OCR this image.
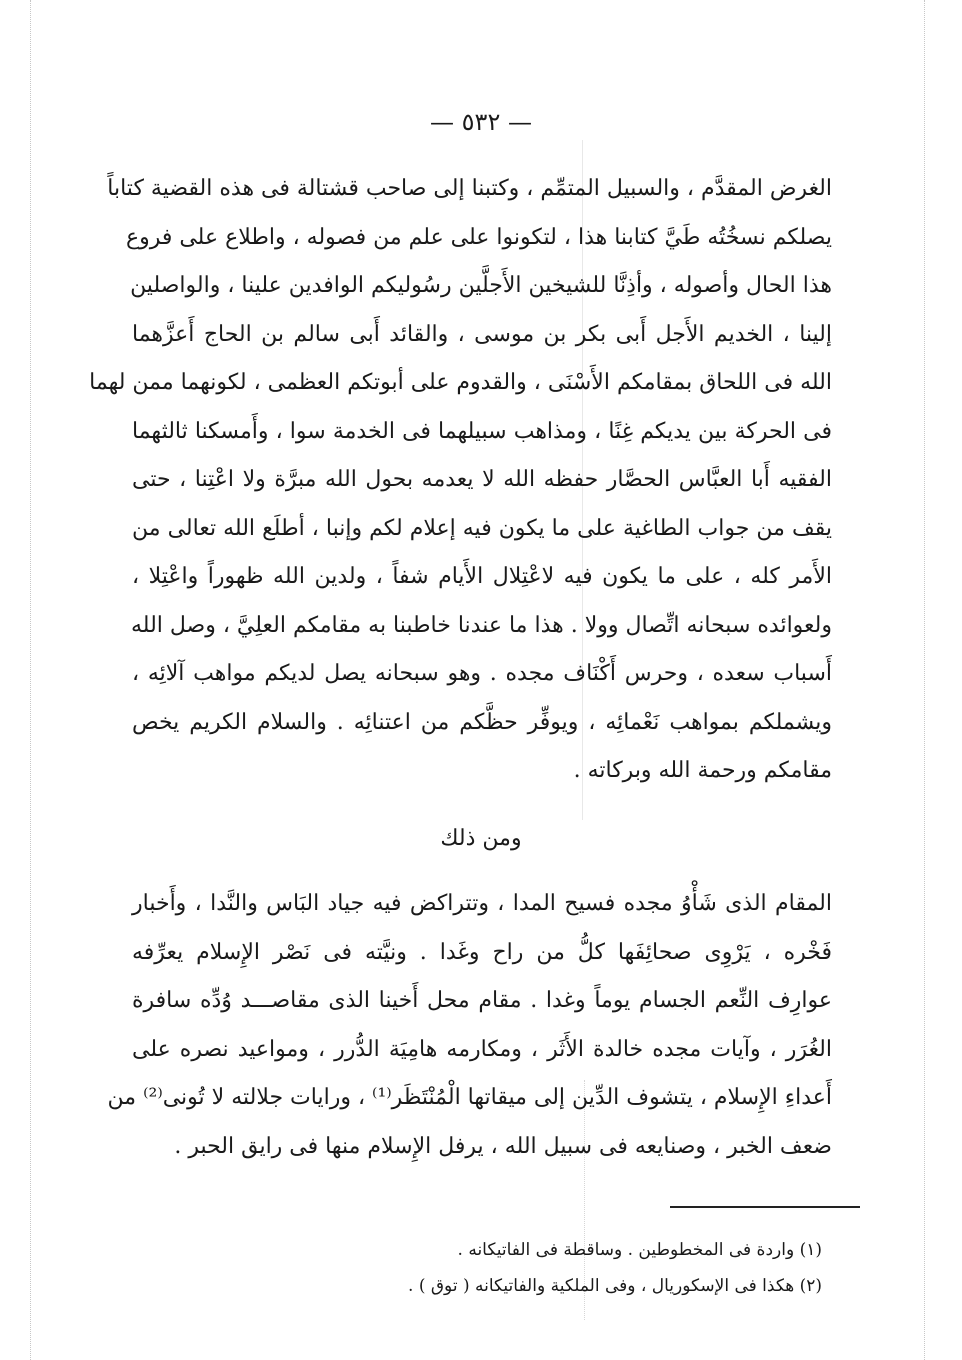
— ٥٣٢ —
الغرض المقدَّم ، والسبيل المتمِّم ، وكتبنا إلى صاحب قشتالة فى هذه القضية كتاباً
يصلكم نسخُتُه طَيَّ كتابنا هذا ، لتكونوا على علم من فصوله ، واطلاع على فروع
هذا الحال وأصوله ، وأذِنَّا للشيخين الأَجلَّين رسُوليكم الوافدين علينا ، والواصلين
إلينا ، الخديم الأَجل أَبى بكر بن موسى ، والقائد أَبى سالم بن الحاج أَعزَّهما
الله فى اللحاق بمقامكم الأَسْنَى ، والقدوم على أبوتكم العظمى ، لكونهما ممن لهما
فى الحركة بين يديكم غِنًا ، ومذاهب سبيلهما فى الخدمة سوا ، وأَمسكنا ثالثهما
الفقيه أَبا العبَّاس الحصَّار حفظه الله لا يعدمه بحول الله مبرَّة ولا اعْتِنا ، حتى
يقف من جواب الطاغية على ما يكون فيه إعلام لكم وإنبا ، أطلَع الله تعالى من
الأَمر كله ، على ما يكون فيه لاعْتِلال الأَيام شفاً ، ولدين الله ظهوراً واعْتِلا ،
ولعوائده سبحانه اتِّصال وولا . هذا ما عندنا خاطبنا به مقامكم العلِيَّ ، وصل الله
أَسباب سعده ، وحرس أَكْنَاف مجده . وهو سبحانه يصل لديكم مواهب آلائِه ،
ويشملكم بمواهب نَعْمائِه ، ويوفِّر حظَّكم من اعتنائِه . والسلام الكريم يخص
مقامكم ورحمة الله وبركاته .
ومن ذلك
المقام الذى شَأْوُ مجده فسيح المدا ، وتتراكض فيه جياد البَاس والنَّدا ، وأَخبار
فَخْره ، يَرْوِى صحائِفَها كلُّ من راح وغَدا . ونيَّته فى نَصْر الإِسلام يعرِّفه
عوارِف النِّعم الجسام يوماً وغدا . مقام محل أَخينا الذى مقاصـــد وُدِّه سافرة
الغُرَر ، وآيات مجده خالدة الأَثَر ، ومكارمه هامِيَة الدُّرر ، ومواعيد نصره على
أَعداءِ الإِسلام ، يتشوف الدِّين إلى ميقاتها الْمُنْتَظَر⁽¹⁾ ، ورايات جلالته لا تُونى⁽²⁾ من
ضعف الخبر ، وصنايعه فى سبيل الله ، يرفل الإِسلام منها فى رايق الحبر .
(١) واردة فى المخطوطين . وساقطة فى الفاتيكانه .
(٢) هكذا فى الإسكوريال ، وفى الملكية والفاتيكانه ( توق ) .
